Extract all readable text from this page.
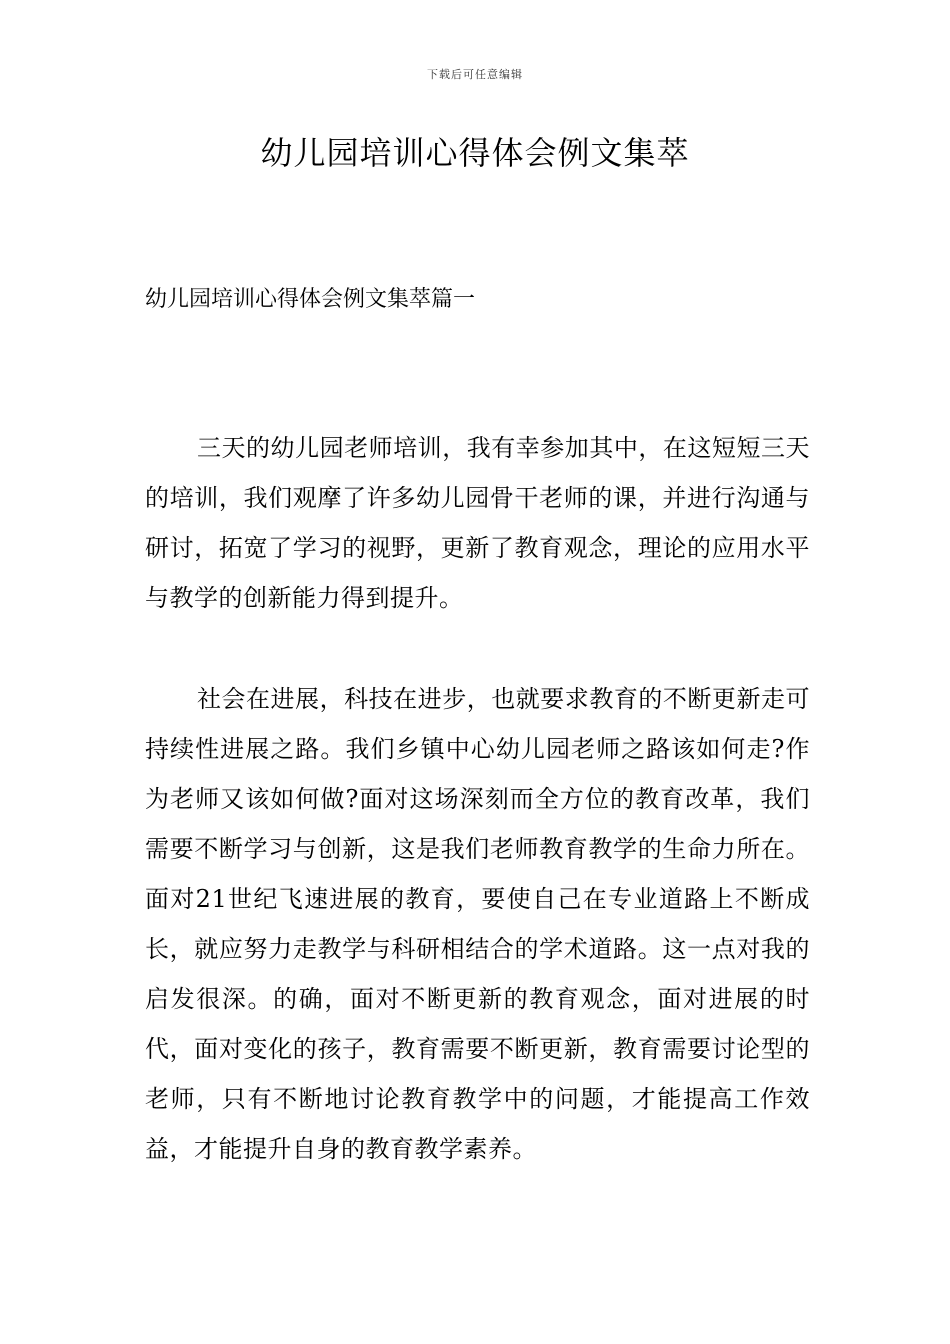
下载后可任意编辑
幼儿园培训心得体会例文集萃
幼儿园培训心得体会例文集萃篇一

三天的幼儿园老师培训，我有幸参加其中，在这短短三天的培训，我们观摩了许多幼儿园骨干老师的课，并进行沟通与研讨，拓宽了学习的视野，更新了教育观念，理论的应用水平与教学的创新能力得到提升。

社会在进展，科技在进步，也就要求教育的不断更新走可持续性进展之路。我们乡镇中心幼儿园老师之路该如何走?作为老师又该如何做?面对这场深刻而全方位的教育改革，我们需要不断学习与创新，这是我们老师教育教学的生命力所在。面对21世纪飞速进展的教育，要使自己在专业道路上不断成长，就应努力走教学与科研相结合的学术道路。这一点对我的启发很深。的确，面对不断更新的教育观念，面对进展的时代，面对变化的孩子，教育需要不断更新，教育需要讨论型的老师，只有不断地讨论教育教学中的问题，才能提高工作效益，才能提升自身的教育教学素养。
